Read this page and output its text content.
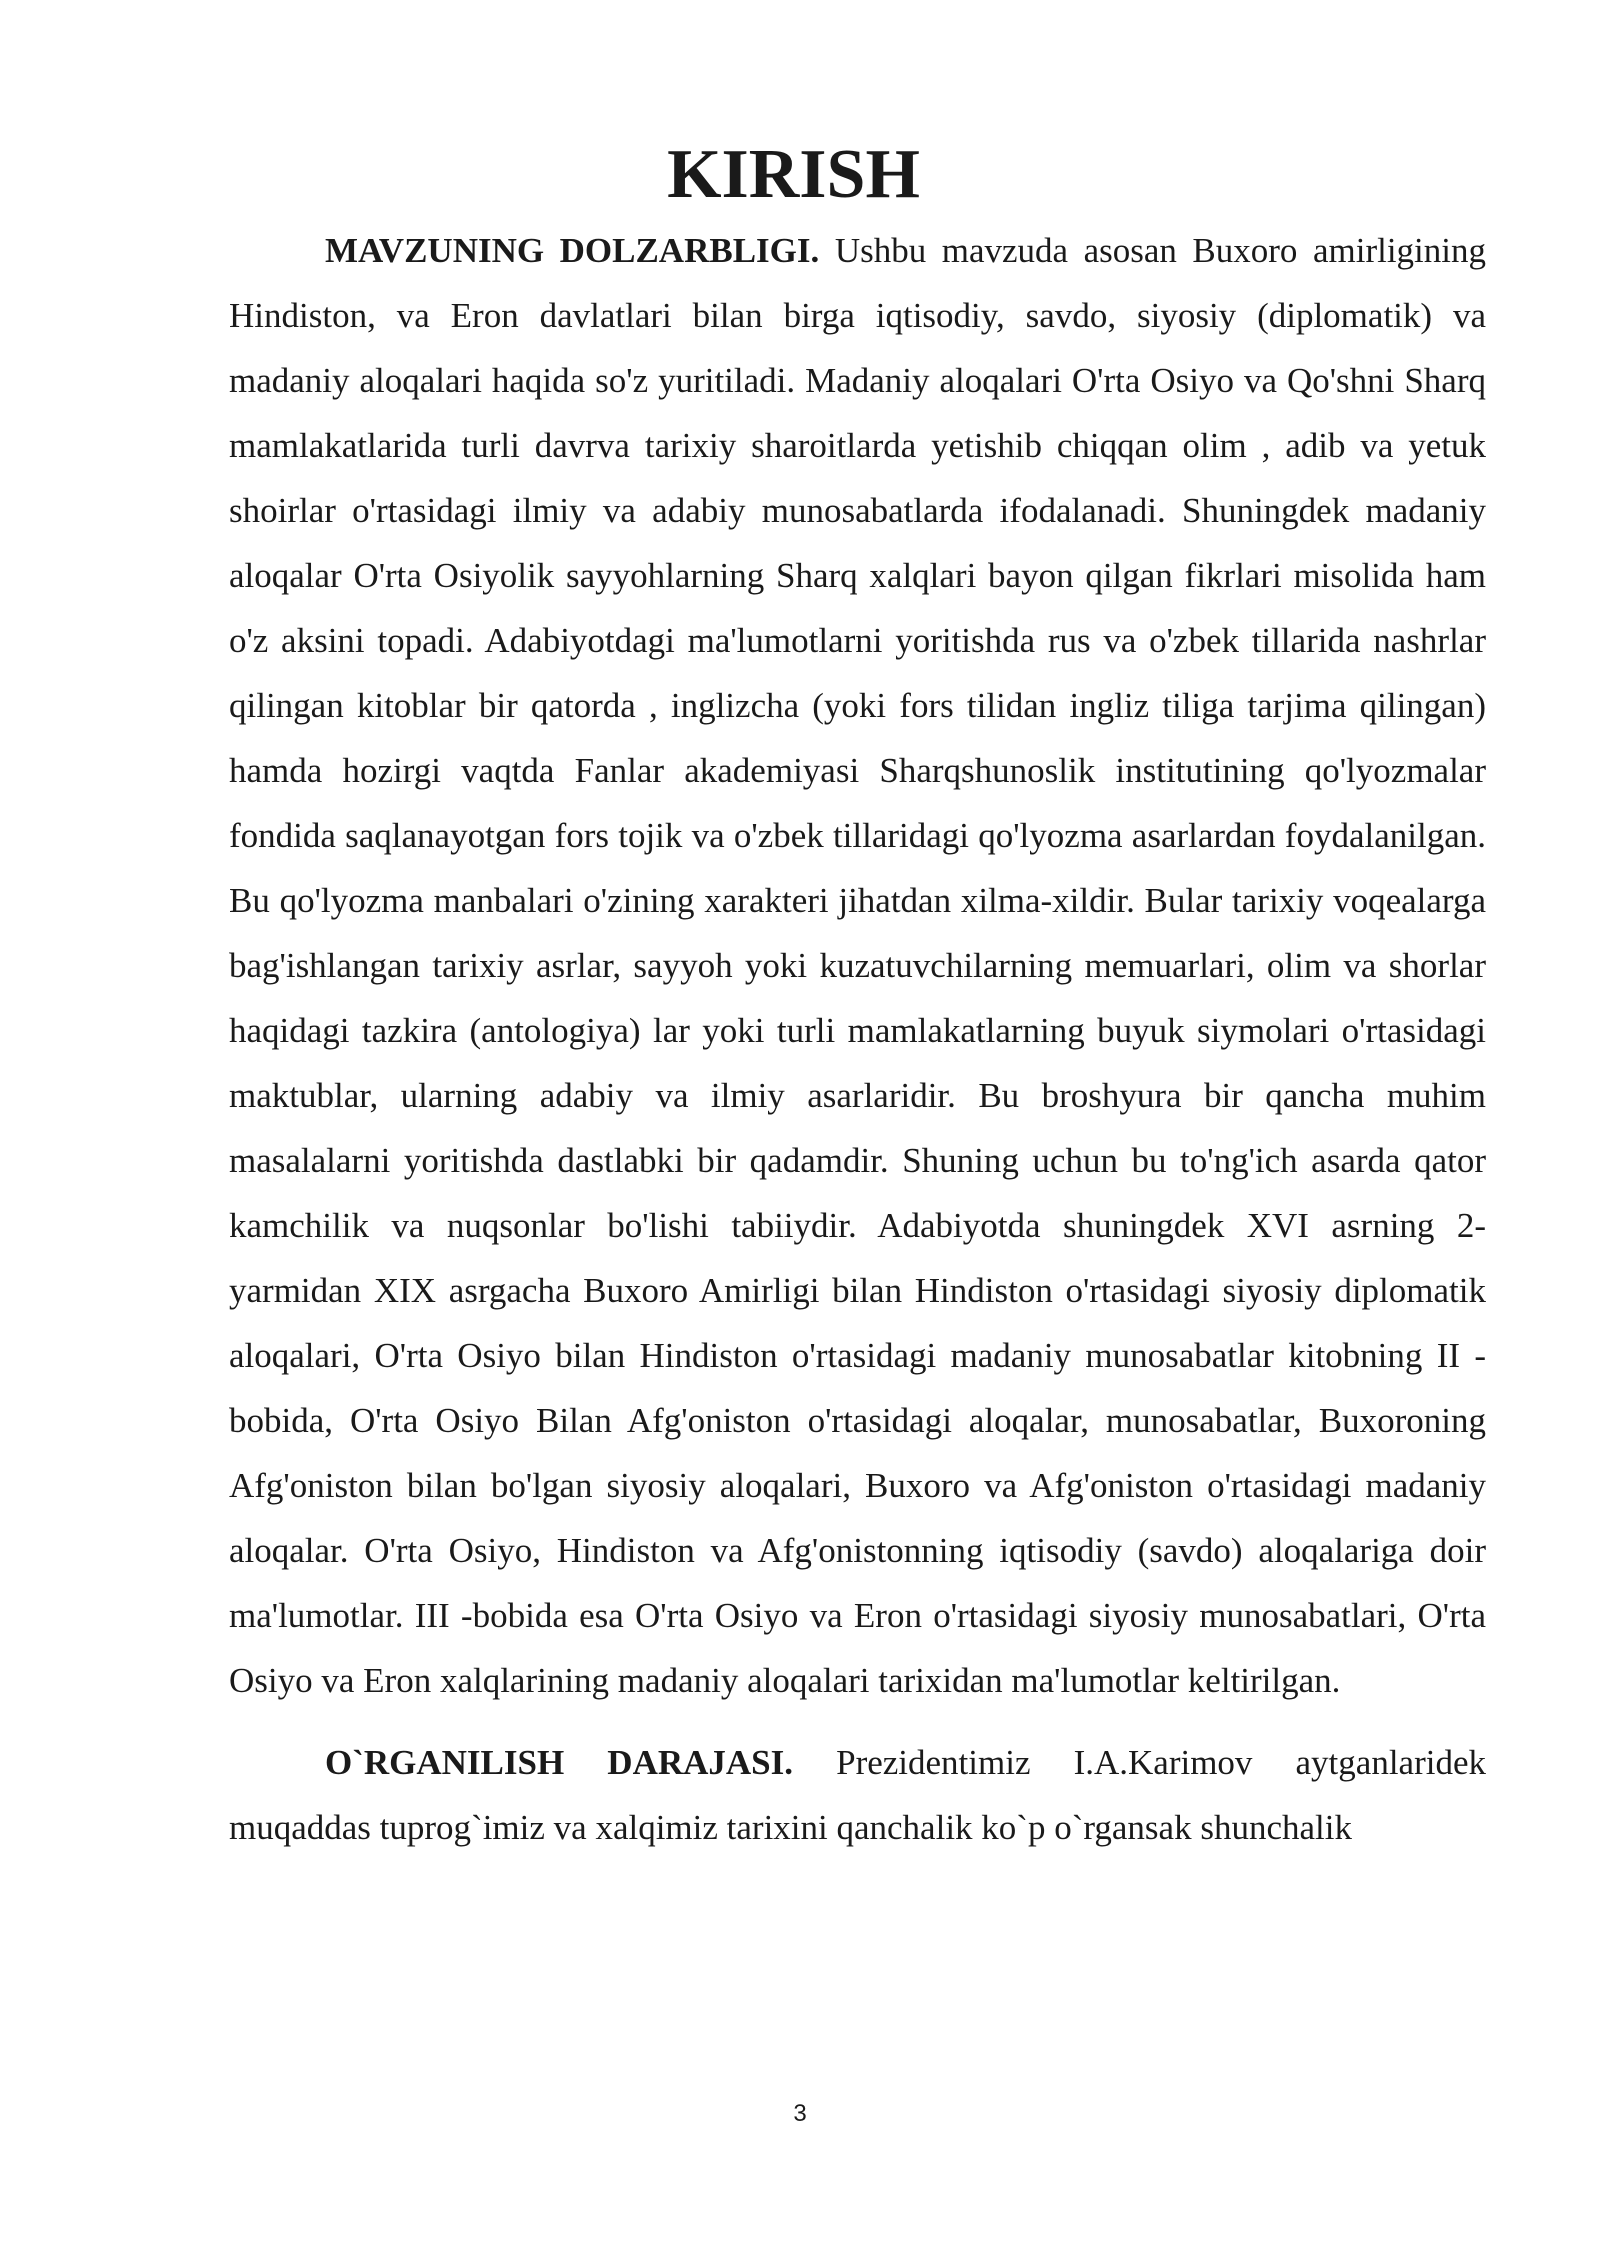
KIRISH

MAVZUNING DOLZARBLIGI. Ushbu mavzuda asosan Buxoro amirligining Hindiston, va Eron davlatlari bilan birga iqtisodiy, savdo, siyosiy (diplomatik) va madaniy aloqalari haqida so'z yuritiladi. Madaniy aloqalari O'rta Osiyo va Qo'shni Sharq mamlakatlarida turli davrva tarixiy sharoitlarda yetishib chiqqan olim , adib va yetuk shoirlar o'rtasidagi ilmiy va adabiy munosabatlarda ifodalanadi. Shuningdek madaniy aloqalar O'rta Osiyolik sayyohlarning Sharq xalqlari bayon qilgan fikrlari misolida ham o'z aksini topadi. Adabiyotdagi ma'lumotlarni yoritishda rus va o'zbek tillarida nashrlar qilingan kitoblar bir qatorda , inglizcha (yoki fors tilidan ingliz tiliga tarjima qilingan) hamda hozirgi vaqtda Fanlar akademiyasi Sharqshunoslik institutining qo'lyozmalar fondida saqlanayotgan fors tojik va o'zbek tillaridagi qo'lyozma asarlardan foydalanilgan. Bu qo'lyozma manbalari o'zining xarakteri jihatdan xilma-xildir. Bular tarixiy voqealarga bag'ishlangan tarixiy asrlar, sayyoh yoki kuzatuvchilarning memuarlari, olim va shorlar haqidagi tazkira (antologiya) lar yoki turli mamlakatlarning buyuk siymolari o'rtasidagi maktublar, ularning adabiy va ilmiy asarlaridir. Bu broshyura bir qancha muhim masalalarni yoritishda dastlabki bir qadamdir. Shuning uchun bu to'ng'ich asarda qator kamchilik va nuqsonlar bo'lishi tabiiydir. Adabiyotda shuningdek XVI asrning 2-yarmidan XIX asrgacha Buxoro Amirligi bilan Hindiston o'rtasidagi siyosiy diplomatik aloqalari, O'rta Osiyo bilan Hindiston o'rtasidagi madaniy munosabatlar kitobning II -bobida, O'rta Osiyo Bilan Afg'oniston o'rtasidagi aloqalar, munosabatlar, Buxoroning Afg'oniston bilan bo'lgan siyosiy aloqalari, Buxoro va Afg'oniston o'rtasidagi madaniy aloqalar. O'rta Osiyo, Hindiston va Afg'onistonning iqtisodiy (savdo) aloqalariga doir ma'lumotlar. III -bobida esa O'rta Osiyo va Eron o'rtasidagi siyosiy munosabatlari, O'rta Osiyo va Eron xalqlarining madaniy aloqalari tarixidan ma'lumotlar keltirilgan.

O`RGANILISH DARAJASI. Prezidentimiz I.A.Karimov aytganlaridek muqaddas tuprog`imiz va xalqimiz tarixini qanchalik ko`p o`rgansak shunchalik

3
